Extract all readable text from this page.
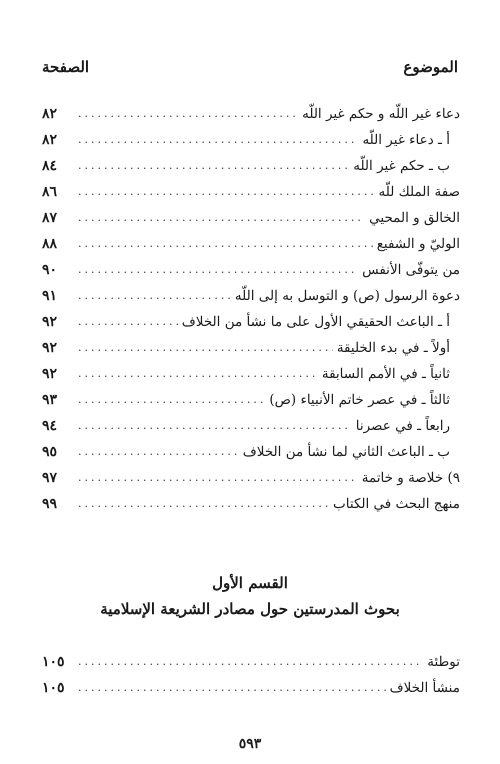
الموضوع
الصفحة
دعاء غير اللّه و حكم غير اللّه
.....
٨٢
أ ـ دعاء غير اللّه
.....
٨٢
ب ـ حكم غير اللّه
.....
٨٤
صفة الملك للّه
.....
٨٦
الخالق و المحيي
.....
٨٧
الوليّ و الشفيع
.....
٨٨
من يتوفّى الأنفس
.....
٩٠
دعوة الرسول (ص) و التوسل به إلى اللّه
.....
٩١
أ ـ الباعث الحقيقي الأول على ما نشأ من الخلاف
.....
٩٢
أولاً ـ في بدء الخليقة
.....
٩٢
ثانياً ـ في الأمم السابقة
.....
٩٢
ثالثاً ـ في عصر خاتم الأنبياء (ص)
.....
٩٣
رابعاً ـ في عصرنا
.....
٩٤
ب ـ الباعث الثاني لما نشأ من الخلاف
.....
٩٥
٩) خلاصة و خاتمة
.....
٩٧
منهج البحث في الكتاب
.....
٩٩
القسم الأول
بحوث المدرستين حول مصادر الشريعة الإسلامية
توطئة
.....
١٠٥
منشأ الخلاف
.....
١٠٥
٥٩٣
